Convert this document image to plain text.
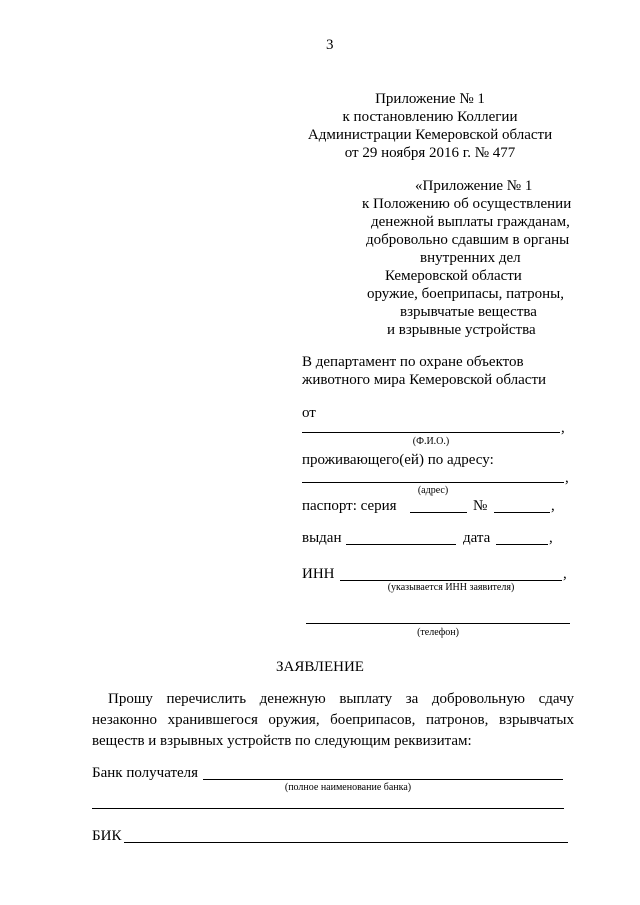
3
Приложение № 1
к постановлению Коллегии
Администрации Кемеровской области
от 29 ноября 2016 г. № 477
«Приложение № 1
к Положению об осуществлении
денежной выплаты гражданам,
добровольно сдавшим в органы
внутренних дел
Кемеровской области
оружие, боеприпасы, патроны,
взрывчатые вещества
и взрывные устройства
В департамент по охране объектов
животного мира Кемеровской области
от
,
(Ф.И.О.)
проживающего(ей) по адресу:
,
(адрес)
паспорт: серия	№	,
выдан	дата	,
ИНН	,
(указывается ИНН заявителя)
(телефон)
ЗАЯВЛЕНИЕ
Прошу перечислить денежную выплату за добровольную сдачу
незаконно хранившегося оружия, боеприпасов, патронов, взрывчатых
веществ и взрывных устройств по следующим реквизитам:
Банк получателя
(полное наименование банка)
БИК
